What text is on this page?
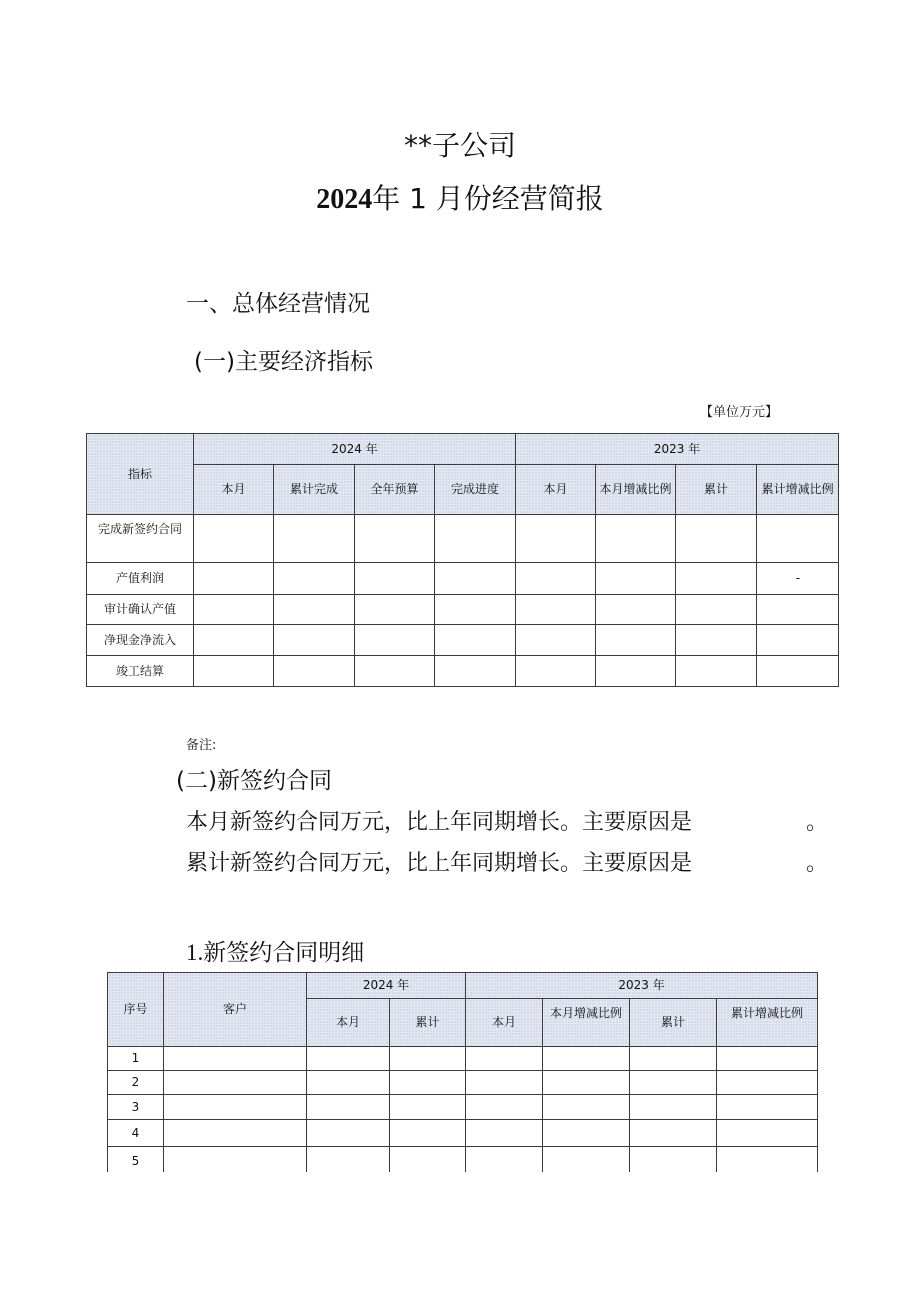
**子公司
2024年 1 月份经营简报
一、总体经营情况
(一)主要经济指标
【单位万元】
指标	2024 年				2023 年			
	本月	累计完成	全年预算	完成进度	本月	本月增减比例	累计	累计增减比例
完成新签约合同								
产值利润								-
审计确认产值								
净现金净流入								
竣工结算								
备注:
(二)新签约合同
本月新签约合同万元，比上年同期增长。主要原因是	。
累计新签约合同万元，比上年同期增长。主要原因是	。
1.新签约合同明细
序号	客户	2024 年		2023 年			
		本月	累计	本月	本月增减比例	累计	累计增减比例
1							
2							
3							
4							
5							
